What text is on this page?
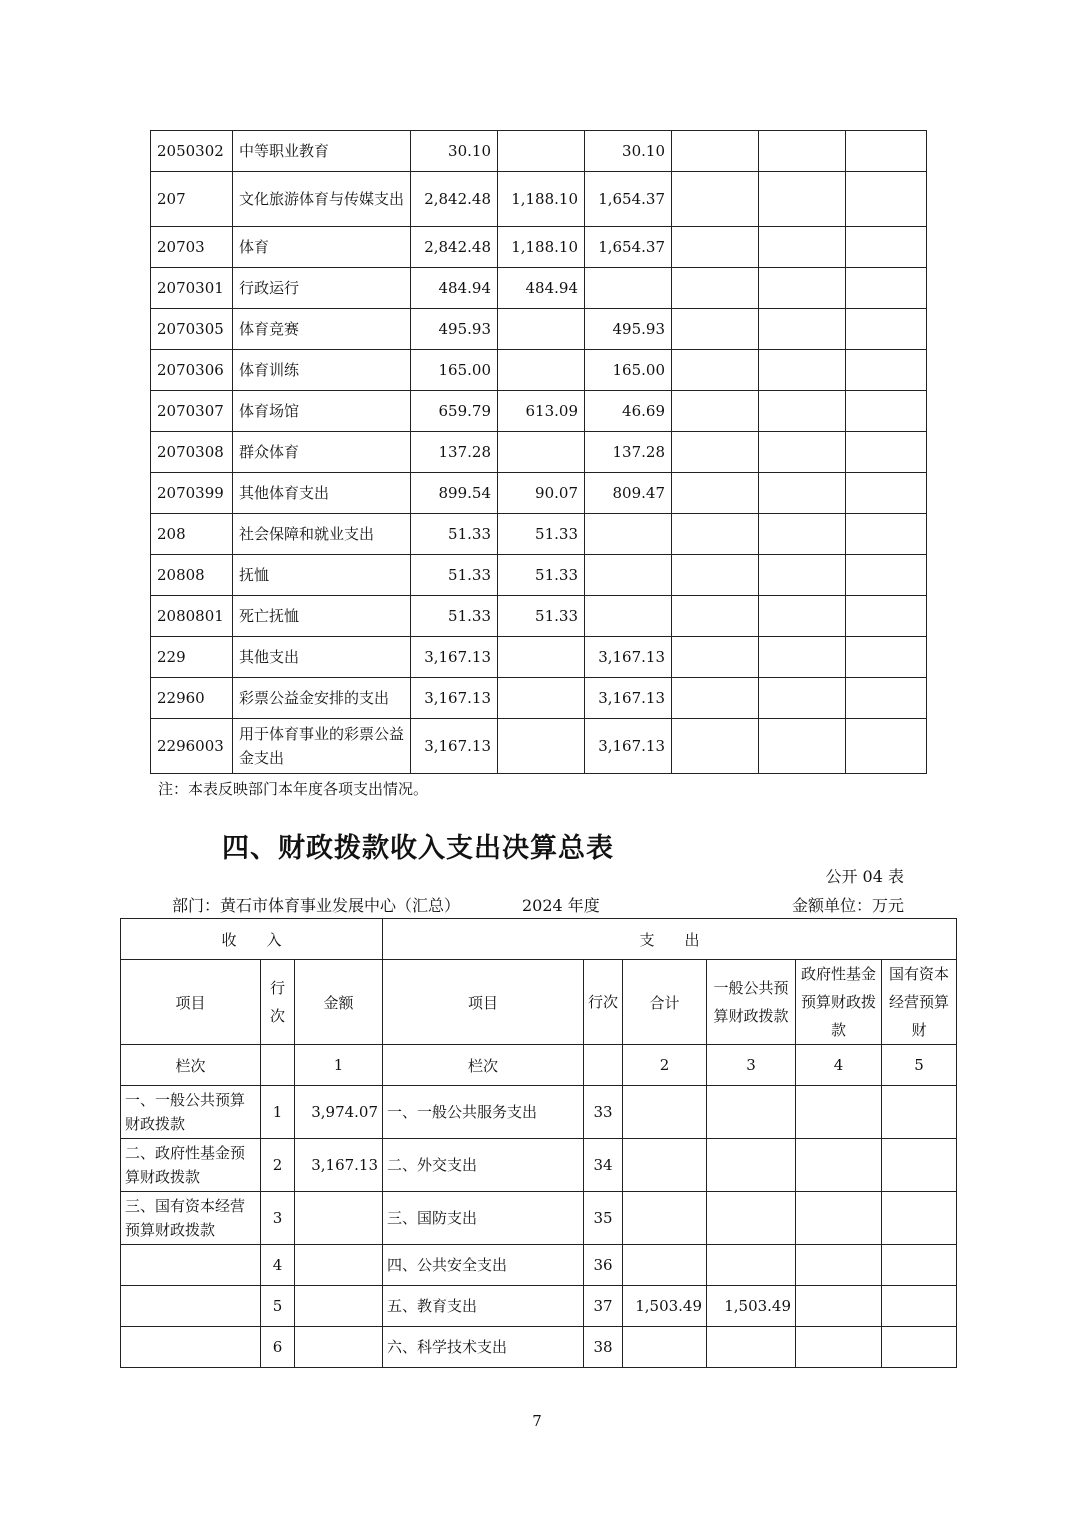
2050302	中等职业教育	30.10		30.10			
207	文化旅游体育与传媒支出	2,842.48	1,188.10	1,654.37			
20703	体育	2,842.48	1,188.10	1,654.37			
2070301	行政运行	484.94	484.94				
2070305	体育竞赛	495.93		495.93			
2070306	体育训练	165.00		165.00			
2070307	体育场馆	659.79	613.09	46.69			
2070308	群众体育	137.28		137.28			
2070399	其他体育支出	899.54	90.07	809.47			
208	社会保障和就业支出	51.33	51.33				
20808	抚恤	51.33	51.33				
2080801	死亡抚恤	51.33	51.33				
229	其他支出	3,167.13		3,167.13			
22960	彩票公益金安排的支出	3,167.13		3,167.13			
2296003	用于体育事业的彩票公益金支出	3,167.13		3,167.13			
注：本表反映部门本年度各项支出情况。
四、财政拨款收入支出决算总表
公开 04 表
部门：黄石市体育事业发展中心（汇总）	2024 年度	金额单位：万元
收　　入			支　　出					
项目	行次	金额	项目	行次	合计	一般公共预算财政拨款	政府性基金预算财政拨款	国有资本经营预算财
栏次		1	栏次		2	3	4	5
一、一般公共预算财政拨款	1	3,974.07	一、一般公共服务支出	33				
二、政府性基金预算财政拨款	2	3,167.13	二、外交支出	34				
三、国有资本经营预算财政拨款	3		三、国防支出	35				
	4		四、公共安全支出	36				
	5		五、教育支出	37	1,503.49	1,503.49		
	6		六、科学技术支出	38				
7
